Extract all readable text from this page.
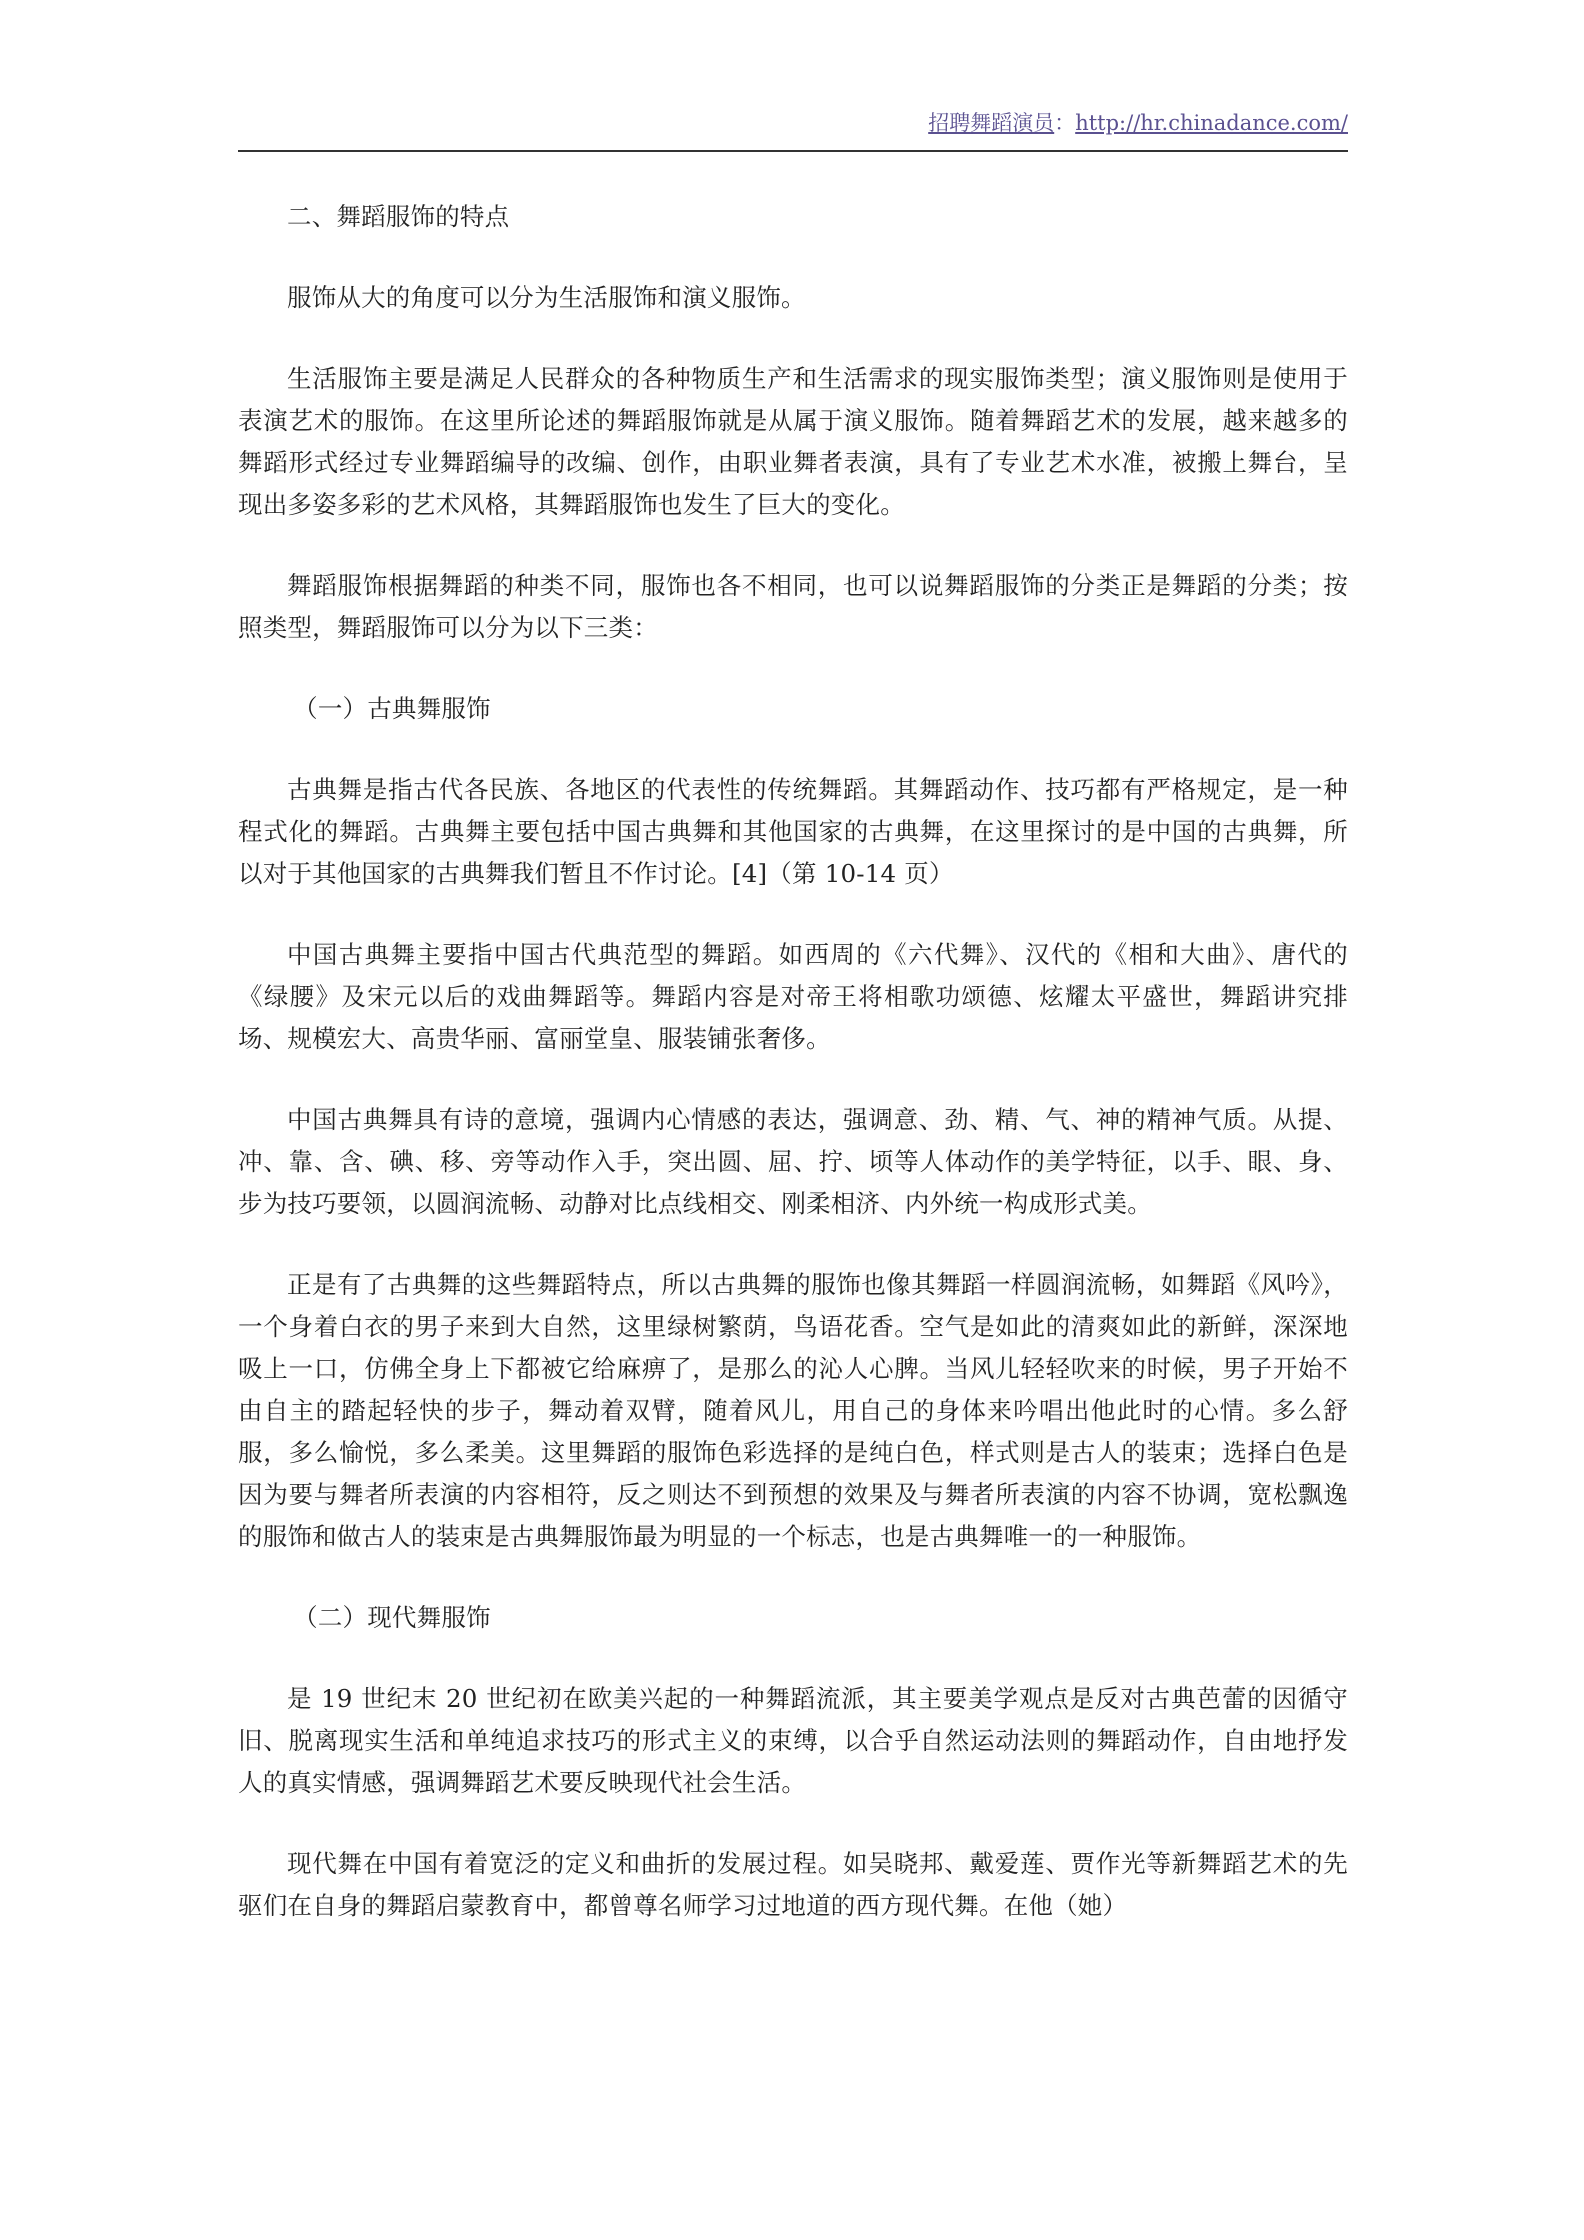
招聘舞蹈演员：http://hr.chinadance.com/

二、舞蹈服饰的特点

服饰从大的角度可以分为生活服饰和演义服饰。

生活服饰主要是满足人民群众的各种物质生产和生活需求的现实服饰类型；演义服饰则是使用于表演艺术的服饰。在这里所论述的舞蹈服饰就是从属于演义服饰。随着舞蹈艺术的发展，越来越多的舞蹈形式经过专业舞蹈编导的改编、创作，由职业舞者表演，具有了专业艺术水准，被搬上舞台，呈现出多姿多彩的艺术风格，其舞蹈服饰也发生了巨大的变化。

舞蹈服饰根据舞蹈的种类不同，服饰也各不相同，也可以说舞蹈服饰的分类正是舞蹈的分类；按照类型，舞蹈服饰可以分为以下三类：

（一）古典舞服饰

古典舞是指古代各民族、各地区的代表性的传统舞蹈。其舞蹈动作、技巧都有严格规定，是一种程式化的舞蹈。古典舞主要包括中国古典舞和其他国家的古典舞，在这里探讨的是中国的古典舞，所以对于其他国家的古典舞我们暂且不作讨论。[4]（第 10-14 页）

中国古典舞主要指中国古代典范型的舞蹈。如西周的《六代舞》、汉代的《相和大曲》、唐代的《绿腰》及宋元以后的戏曲舞蹈等。舞蹈内容是对帝王将相歌功颂德、炫耀太平盛世，舞蹈讲究排场、规模宏大、高贵华丽、富丽堂皇、服装铺张奢侈。

中国古典舞具有诗的意境，强调内心情感的表达，强调意、劲、精、气、神的精神气质。从提、冲、靠、含、碘、移、旁等动作入手，突出圆、屈、拧、顷等人体动作的美学特征，以手、眼、身、步为技巧要领，以圆润流畅、动静对比点线相交、刚柔相济、内外统一构成形式美。

正是有了古典舞的这些舞蹈特点，所以古典舞的服饰也像其舞蹈一样圆润流畅，如舞蹈《风吟》，一个身着白衣的男子来到大自然，这里绿树繁荫，鸟语花香。空气是如此的清爽如此的新鲜，深深地吸上一口，仿佛全身上下都被它给麻痹了，是那么的沁人心脾。当风儿轻轻吹来的时候，男子开始不由自主的踏起轻快的步子，舞动着双臂，随着风儿，用自己的身体来吟唱出他此时的心情。多么舒服，多么愉悦，多么柔美。这里舞蹈的服饰色彩选择的是纯白色，样式则是古人的装束；选择白色是因为要与舞者所表演的内容相符，反之则达不到预想的效果及与舞者所表演的内容不协调，宽松飘逸的服饰和做古人的装束是古典舞服饰最为明显的一个标志，也是古典舞唯一的一种服饰。

（二）现代舞服饰

是 19 世纪末 20 世纪初在欧美兴起的一种舞蹈流派，其主要美学观点是反对古典芭蕾的因循守旧、脱离现实生活和单纯追求技巧的形式主义的束缚，以合乎自然运动法则的舞蹈动作，自由地抒发人的真实情感，强调舞蹈艺术要反映现代社会生活。

现代舞在中国有着宽泛的定义和曲折的发展过程。如吴晓邦、戴爱莲、贾作光等新舞蹈艺术的先驱们在自身的舞蹈启蒙教育中，都曾尊名师学习过地道的西方现代舞。在他（她）
